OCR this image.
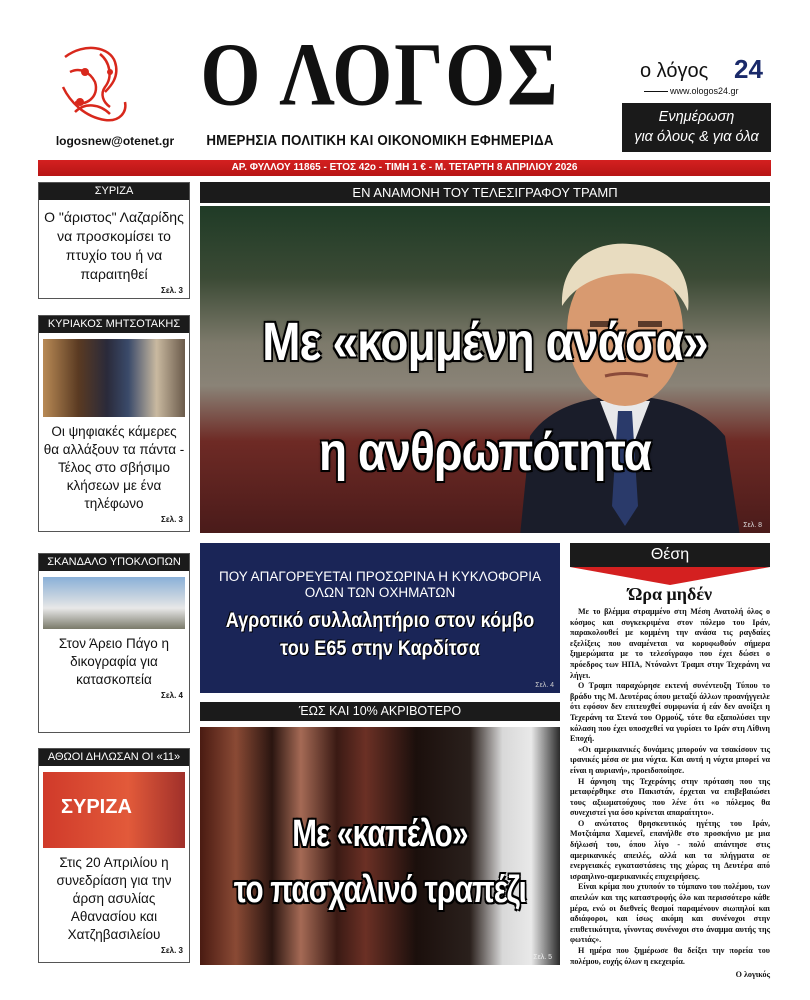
logosnew@otenet.gr
Ο ΛΟΓΟΣ
ΗΜΕΡΗΣΙΑ ΠΟΛΙΤΙΚΗ ΚΑΙ ΟΙΚΟΝΟΜΙΚΗ ΕΦΗΜΕΡΙΔΑ
ο λόγος 24
www.ologos24.gr
Ενημέρωση
για όλους & για όλα
ΑΡ. ΦΥΛΛΟΥ 11865 - ΕΤΟΣ 42ο - ΤΙΜΗ 1 € - Μ. ΤΕΤΑΡΤΗ 8 ΑΠΡΙΛΙΟΥ 2026
ΣΥΡΙΖΑ
Ο "άριστος" Λαζαρίδης να προσκομίσει το πτυχίο του ή να παραιτηθεί
Σελ. 3
ΚΥΡΙΑΚΟΣ ΜΗΤΣΟΤΑΚΗΣ
Οι ψηφιακές κάμερες θα αλλάξουν τα πάντα - Τέλος στο σβήσιμο κλήσεων με ένα τηλέφωνο
Σελ. 3
ΣΚΑΝΔΑΛΟ ΥΠΟΚΛΟΠΩΝ
Στον Άρειο Πάγο η δικογραφία για κατασκοπεία
Σελ. 4
ΑΘΩΟΙ ΔΗΛΩΣΑΝ ΟΙ «11»
ΣΥΡΙΖΑ
Στις 20 Απριλίου η συνεδρίαση για την άρση ασυλίας Αθανασίου και Χατζηβασιλείου
Σελ. 3
ΕΝ ΑΝΑΜΟΝΗ ΤΟΥ ΤΕΛΕΣΙΓΡΑΦΟΥ ΤΡΑΜΠ
Με «κομμένη ανάσα»
η ανθρωπότητα
Σελ. 8
ΠΟΥ ΑΠΑΓΟΡΕΥΕΤΑΙ ΠΡΟΣΩΡΙΝΑ Η ΚΥΚΛΟΦΟΡΙΑ
ΟΛΩΝ ΤΩΝ ΟΧΗΜΑΤΩΝ
Αγροτικό συλλαλητήριο στον κόμβο
του Ε65 στην Καρδίτσα
Σελ. 4
ΈΩΣ ΚΑΙ 10% ΑΚΡΙΒΟΤΕΡΟ
Με «καπέλο»
το πασχαλινό τραπέζι
Σελ. 5
Θέση
Ώρα μηδέν

Με το βλέμμα στραμμένο στη Μέση Ανατολή όλος ο κόσμος και συγκεκριμένα στον πόλεμο του Ιράν, παρακολουθεί με κομμένη την ανάσα τις ραγδαίες εξελίξεις που αναμένεται να κορυφωθούν σήμερα ξημερώματα με το τελεσίγραφο που έχει δώσει ο πρόεδρος των ΗΠΑ, Ντόναλντ Τραμπ στην Τεχεράνη να λήγει.

Ο Τραμπ παραχώρησε εκτενή συνέντευξη Τύπου το βράδυ της Μ. Δευτέρας όπου μεταξύ άλλων προανήγγειλε ότι εφόσον δεν επιτευχθεί συμφωνία ή εάν δεν ανοίξει η Τεχεράνη τα Στενά του Ορμούζ, τότε θα εξαπολύσει την κόλαση που έχει υποσχεθεί να γυρίσει το Ιράν στη Λίθινη Εποχή.

«Οι αμερικανικές δυνάμεις μπορούν να τσακίσουν τις ιρανικές μέσα σε μια νύχτα. Και αυτή η νύχτα μπορεί να είναι η αυριανή», προειδοποίησε.

Η άρνηση της Τεχεράνης στην πρόταση που της μεταφέρθηκε στο Πακιστάν, έρχεται να επιβεβαιώσει τους αξιωματούχους που λένε ότι «ο πόλεμος θα συνεχιστεί για όσο κρίνεται απαραίτητο».

Ο ανώτατος θρησκευτικός ηγέτης του Ιράν, Μοτζτάμπα Χαμενεΐ, επανήλθε στο προσκήνιο με μια δήλωσή του, όπου λίγο - πολύ απάντησε στις αμερικανικές απειλές, αλλά και τα πλήγματα σε ενεργειακές εγκαταστάσεις της χώρας τη Δευτέρα από ισραηλινο-αμερικανικές επιχειρήσεις.

Είναι κρίμα που χτυπούν το τύμπανο του πολέμου, των απειλών και της καταστροφής όλο και περισσότερο κάθε μέρα, ενώ οι διεθνείς θεσμοί παραμένουν σιωπηλοί και αδιάφοροι, και ίσως ακόμη και συνένοχοι στην επιθετικότητα, γίνοντας συνένοχοι στο άναμμα αυτής της φωτιάς».

Η ημέρα που ξημέρωσε θα δείξει την πορεία του πολέμου, ευχής όλων η εκεχειρία.

Ο λογικός
